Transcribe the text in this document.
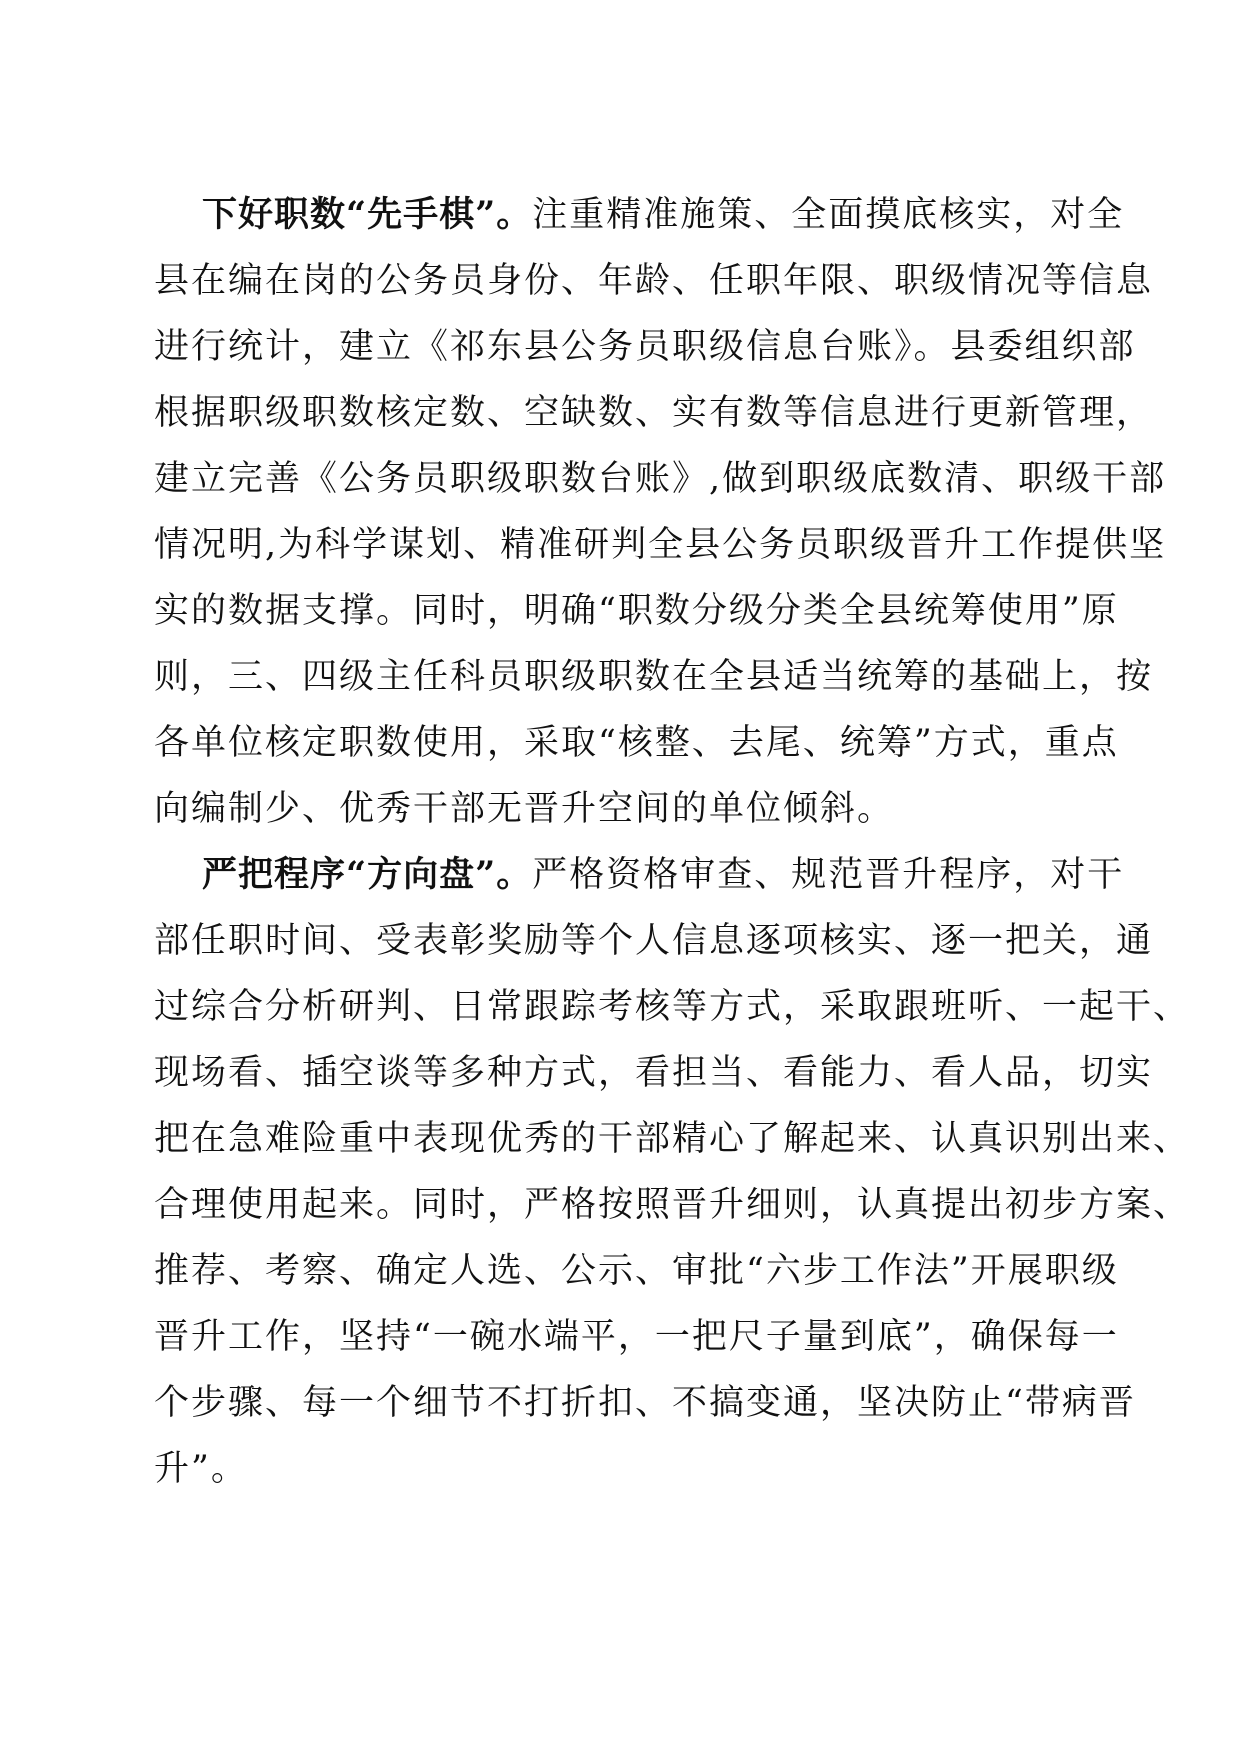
下好职数“先手棋”。注重精准施策、全面摸底核实，对全
县在编在岗的公务员身份、年龄、任职年限、职级情况等信息
进行统计，建立《祁东县公务员职级信息台账》。县委组织部
根据职级职数核定数、空缺数、实有数等信息进行更新管理，
建立完善《公务员职级职数台账》,做到职级底数清、职级干部
情况明,为科学谋划、精准研判全县公务员职级晋升工作提供坚
实的数据支撑。同时，明确“职数分级分类全县统筹使用”原
则，三、四级主任科员职级职数在全县适当统筹的基础上，按
各单位核定职数使用，采取“核整、去尾、统筹”方式，重点
向编制少、优秀干部无晋升空间的单位倾斜。

严把程序“方向盘”。严格资格审查、规范晋升程序，对干
部任职时间、受表彰奖励等个人信息逐项核实、逐一把关，通
过综合分析研判、日常跟踪考核等方式，采取跟班听、一起干、
现场看、插空谈等多种方式，看担当、看能力、看人品，切实
把在急难险重中表现优秀的干部精心了解起来、认真识别出来、
合理使用起来。同时，严格按照晋升细则，认真提出初步方案、
推荐、考察、确定人选、公示、审批“六步工作法”开展职级
晋升工作，坚持“一碗水端平，一把尺子量到底”，确保每一
个步骤、每一个细节不打折扣、不搞变通，坚决防止“带病晋
升”。
